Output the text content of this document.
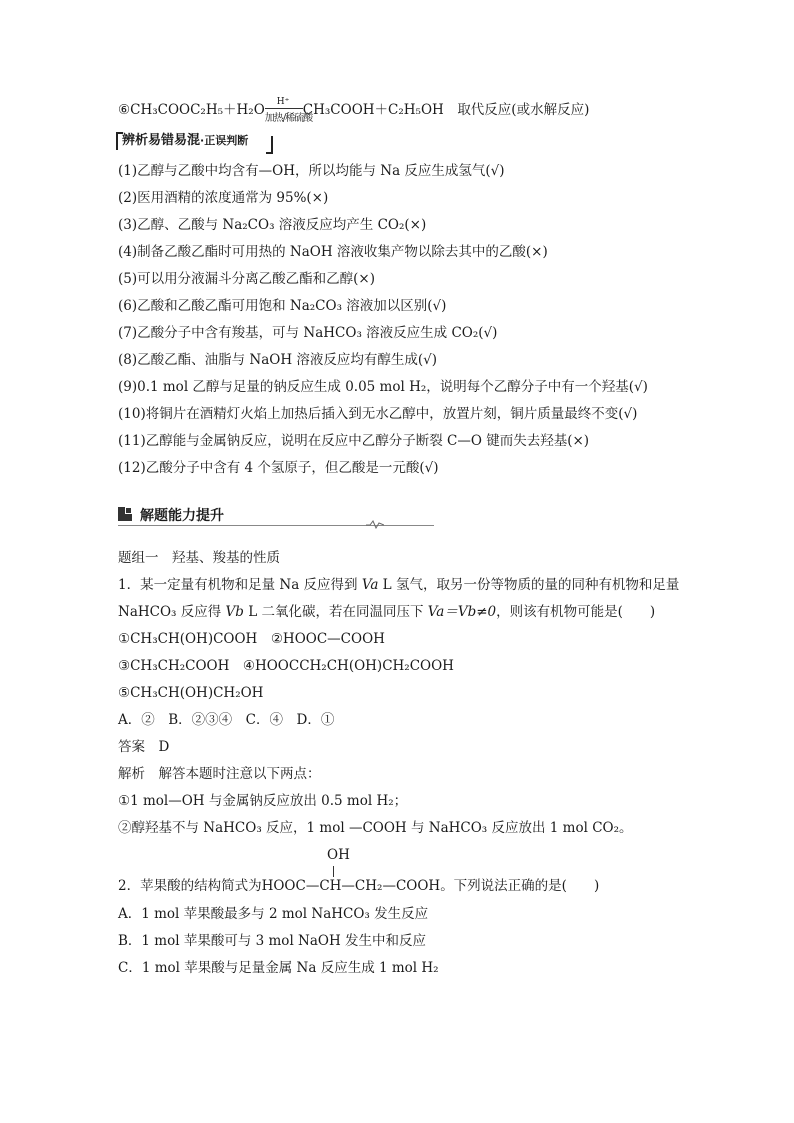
⑥CH₃COOC₂H₅＋H₂O H⁺
加热/稀硫酸
CH₃COOH＋C₂H₅OH　 取代反应(或水解反应)
辨析易错易混·正误判断
(1)乙醇与乙酸中均含有—OH，所以均能与 Na 反应生成氢气(√)
(2)医用酒精的浓度通常为 95%(×)
(3)乙醇、乙酸与 Na₂CO₃ 溶液反应均产生 CO₂(×)
(4)制备乙酸乙酯时可用热的 NaOH 溶液收集产物以除去其中的乙酸(×)
(5)可以用分液漏斗分离乙酸乙酯和乙醇(×)
(6)乙酸和乙酸乙酯可用饱和 Na₂CO₃ 溶液加以区别(√)
(7)乙酸分子中含有羧基，可与 NaHCO₃ 溶液反应生成 CO₂(√)
(8)乙酸乙酯、油脂与 NaOH 溶液反应均有醇生成(√)
(9)0.1 mol 乙醇与足量的钠反应生成 0.05 mol H₂，说明每个乙醇分子中有一个羟基(√)
(10)将铜片在酒精灯火焰上加热后插入到无水乙醇中，放置片刻，铜片质量最终不变(√)
(11)乙醇能与金属钠反应，说明在反应中乙醇分子断裂 C—O 键而失去羟基(×)
(12)乙酸分子中含有 4 个氢原子，但乙酸是一元酸(√)
解题能力提升
题组一　羟基、羧基的性质
1．某一定量有机物和足量 Na 反应得到 Va L 氢气，取另一份等物质的量的同种有机物和足量
NaHCO₃ 反应得 Vb L 二氧化碳，若在同温同压下 Va＝Vb≠0，则该有机物可能是(　　)
①CH₃CH(OH)COOH　②HOOC—COOH
③CH₃CH₂COOH　④HOOCCH₂CH(OH)CH₂COOH
⑤CH₃CH(OH)CH₂OH
A．②　B．②③④　C．④　D．①
答案　 D
解析　 解答本题时注意以下两点：
①1 mol—OH 与金属钠反应放出 0.5 mol H₂；
②醇羟基不与 NaHCO₃ 反应，1 mol —COOH 与 NaHCO₃ 反应放出 1 mol CO₂。
OH
2．苹果酸的结构简式为HOOC—CH—CH₂—COOH。下列说法正确的是(　　)
A．1 mol 苹果酸最多与 2 mol NaHCO₃ 发生反应
B．1 mol 苹果酸可与 3 mol NaOH 发生中和反应
C．1 mol 苹果酸与足量金属 Na 反应生成 1 mol H₂
